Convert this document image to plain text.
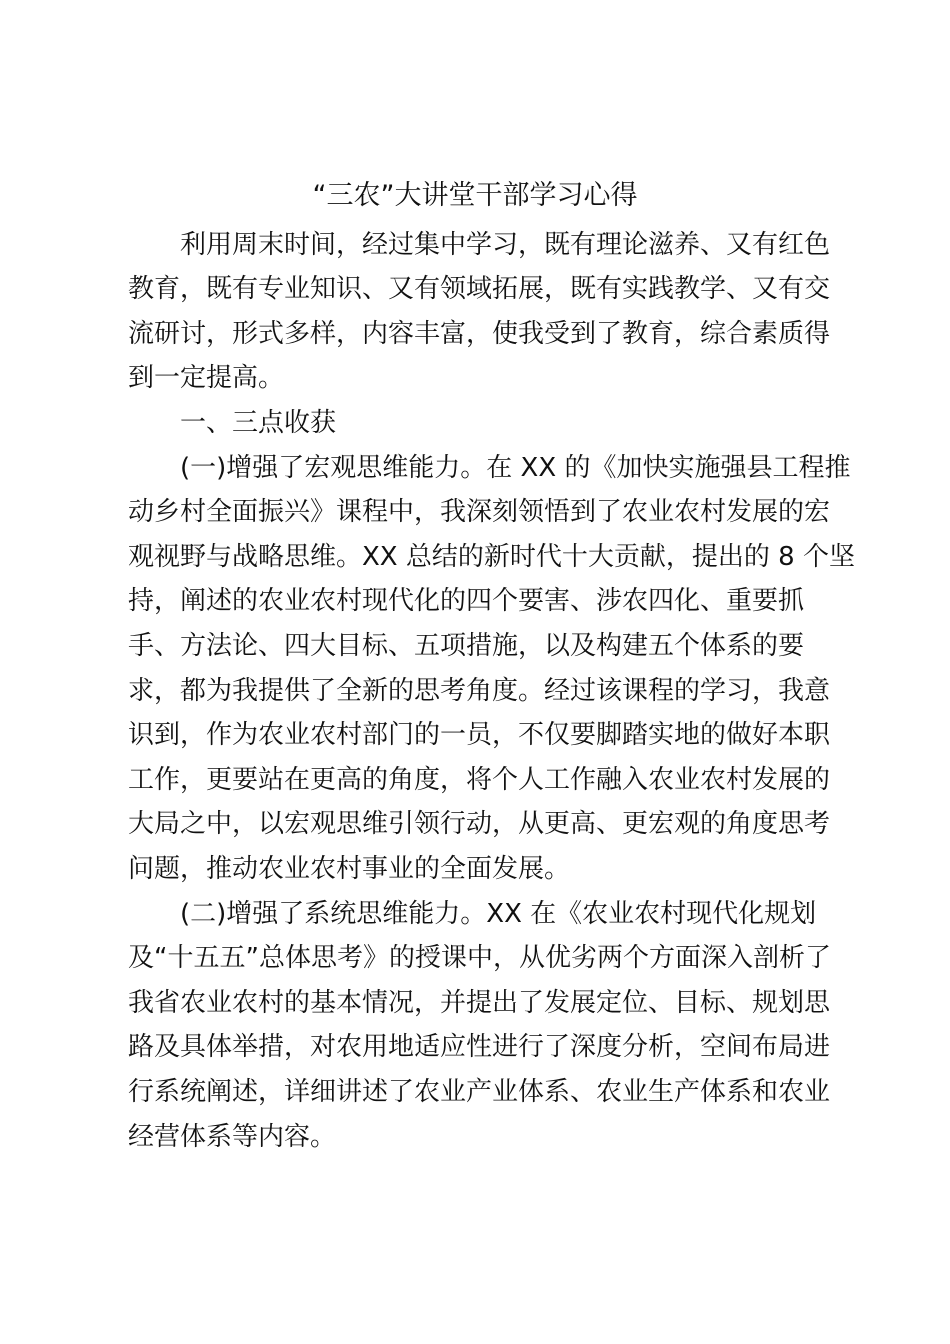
“三农”大讲堂干部学习心得

利用周末时间，经过集中学习，既有理论滋养、又有红色

教育，既有专业知识、又有领域拓展，既有实践教学、又有交

流研讨，形式多样，内容丰富，使我受到了教育，综合素质得

到一定提高。

一、三点收获

(一)增强了宏观思维能力。在 XX 的《加快实施强县工程推

动乡村全面振兴》课程中，我深刻领悟到了农业农村发展的宏

观视野与战略思维。XX 总结的新时代十大贡献，提出的 8 个坚

持，阐述的农业农村现代化的四个要害、涉农四化、重要抓

手、方法论、四大目标、五项措施，以及构建五个体系的要

求，都为我提供了全新的思考角度。经过该课程的学习，我意

识到，作为农业农村部门的一员，不仅要脚踏实地的做好本职

工作，更要站在更高的角度，将个人工作融入农业农村发展的

大局之中，以宏观思维引领行动，从更高、更宏观的角度思考

问题，推动农业农村事业的全面发展。

(二)增强了系统思维能力。XX 在《农业农村现代化规划

及“十五五”总体思考》的授课中，从优劣两个方面深入剖析了

我省农业农村的基本情况，并提出了发展定位、目标、规划思

路及具体举措，对农用地适应性进行了深度分析，空间布局进

行系统阐述，详细讲述了农业产业体系、农业生产体系和农业

经营体系等内容。
